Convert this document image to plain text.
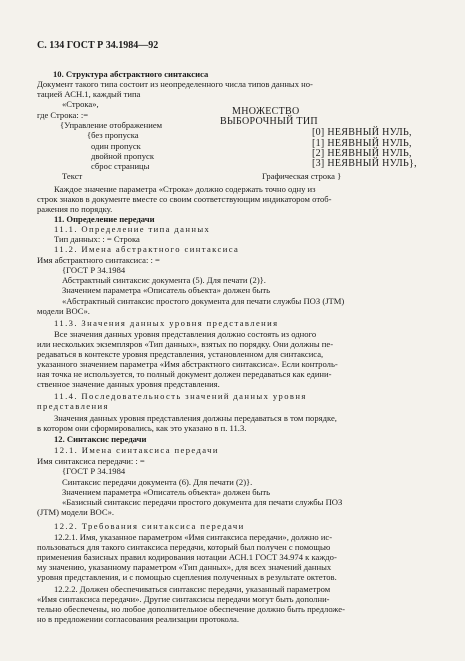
С. 134 ГОСТ Р 34.1984—92
10. Структура абстрактного синтаксиса
Документ такого типа состоит из неопределенного числа типов данных но-
тацией АСН.1, каждый типа
«Строка»,
где Строка: :=	МНОЖЕСТВО
{Управление отображением	ВЫБОРОЧНЫЙ ТИП
{без пропуска	[0] НЕЯВНЫЙ НУЛЬ,
один пропуск	[1] НЕЯВНЫЙ НУЛЬ,
двойной пропуск	[2] НЕЯВНЫЙ НУЛЬ,
сброс страницы	[3] НЕЯВНЫЙ НУЛЬ},
Текст	Графическая строка }
Каждое значение параметра «Строка» должно содержать точно одну из
строк знаков в документе вместе со своим соответствующим индикатором отоб-
ражения по порядку.
11. Определение передачи
11.1. Определение типа данных
Тип данных: : = Строка
11.2. Имена абстрактного синтаксиса
Имя абстрактного синтаксиса: : =
{ГОСТ Р 34.1984
Абстрактный синтаксис документа (5). Для печати (2)}.
Значением параметра «Описатель объекта» должен быть
«Абстрактный синтаксис простого документа для печати службы ПОЗ (JTM)
модели ВОС».
11.3. Значения данных уровня представления
Все значения данных уровня представления должно состоять из одного
или нескольких экземпляров «Тип данных», взятых по порядку. Они должны пе-
редаваться в контексте уровня представления, установленном для синтаксиса,
указанного значением параметра «Имя абстрактного синтаксиса». Если контроль-
ная точка не используется, то полный документ должен передаваться как едини-
ственное значение данных уровня представления.
11.4. Последовательность значений данных уровня
представления
Значения данных уровня представления должны передаваться в том порядке,
в котором они сформировались, как это указано в п. 11.3.
12. Синтаксис передачи
12.1. Имена синтаксиса передачи
Имя синтаксиса передачи: : =
{ГОСТ Р 34.1984
Синтаксис передачи документа (6). Для печати (2)}.
Значением параметра «Описатель объекта» должен быть
«Базисный синтаксис передачи простого документа для печати службы ПОЗ
(JTM) модели ВОС».
12.2. Требования синтаксиса передачи
12.2.1. Имя, указанное параметром «Имя синтаксиса передачи», должно ис-
пользоваться для такого синтаксиса передачи, который был получен с помощью
применения базисных правил кодирования нотации АСН.1 ГОСТ 34.974 к каждо-
му значению, указанному параметром «Тип данных», для всех значений данных
уровня представления, и с помощью сцепления полученных в результате октетов.
12.2.2. Должен обеспечиваться синтаксис передачи, указанный параметром
«Имя синтаксиса передачи». Другие синтаксисы передачи могут быть дополни-
тельно обеспечены, но любое дополнительное обеспечение должно быть предложе-
но в предложении согласования реализации протокола.
